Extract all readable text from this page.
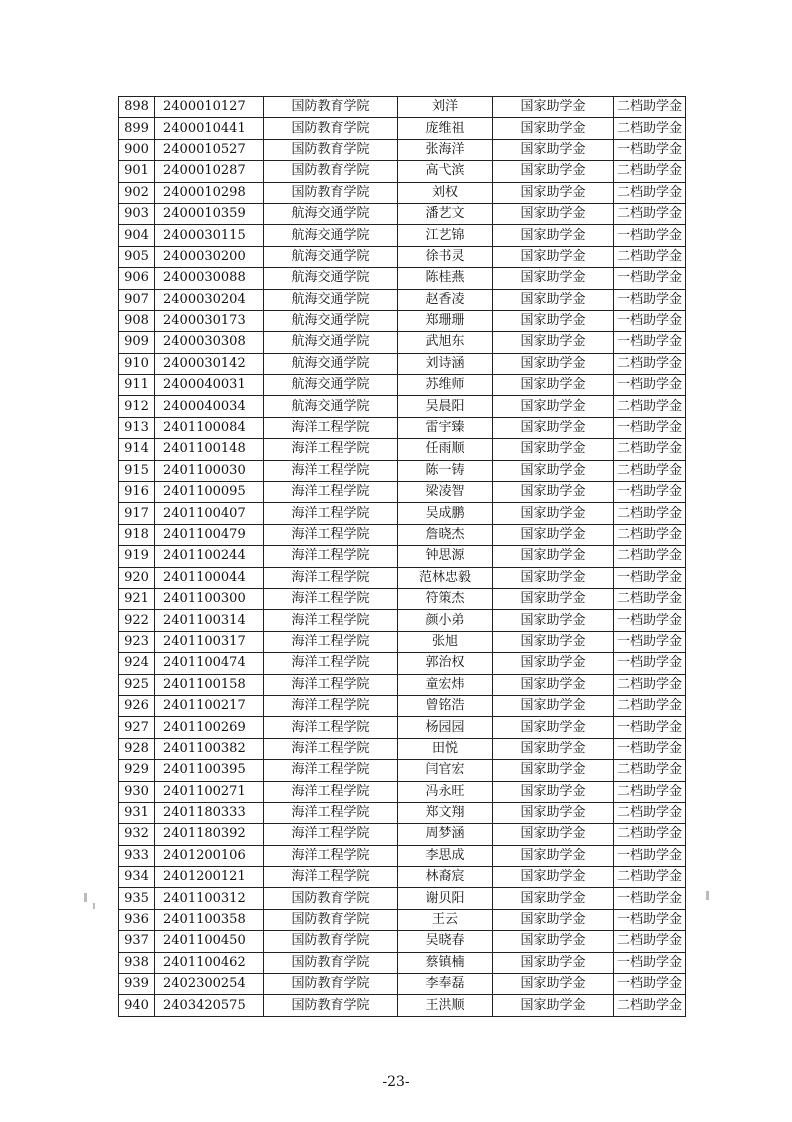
898	2400010127	国防教育学院	刘洋	国家助学金	二档助学金
899	2400010441	国防教育学院	庞维祖	国家助学金	二档助学金
900	2400010527	国防教育学院	张海洋	国家助学金	一档助学金
901	2400010287	国防教育学院	高弋滨	国家助学金	二档助学金
902	2400010298	国防教育学院	刘权	国家助学金	二档助学金
903	2400010359	航海交通学院	潘艺文	国家助学金	二档助学金
904	2400030115	航海交通学院	江艺锦	国家助学金	一档助学金
905	2400030200	航海交通学院	徐书灵	国家助学金	二档助学金
906	2400030088	航海交通学院	陈桂燕	国家助学金	一档助学金
907	2400030204	航海交通学院	赵香凌	国家助学金	一档助学金
908	2400030173	航海交通学院	郑珊珊	国家助学金	一档助学金
909	2400030308	航海交通学院	武旭东	国家助学金	一档助学金
910	2400030142	航海交通学院	刘诗涵	国家助学金	二档助学金
911	2400040031	航海交通学院	苏维师	国家助学金	一档助学金
912	2400040034	航海交通学院	吴晨阳	国家助学金	二档助学金
913	2401100084	海洋工程学院	雷宇臻	国家助学金	一档助学金
914	2401100148	海洋工程学院	任雨顺	国家助学金	二档助学金
915	2401100030	海洋工程学院	陈一铸	国家助学金	二档助学金
916	2401100095	海洋工程学院	梁凌智	国家助学金	一档助学金
917	2401100407	海洋工程学院	吴成鹏	国家助学金	二档助学金
918	2401100479	海洋工程学院	詹晓杰	国家助学金	二档助学金
919	2401100244	海洋工程学院	钟思源	国家助学金	二档助学金
920	2401100044	海洋工程学院	范林忠毅	国家助学金	一档助学金
921	2401100300	海洋工程学院	符策杰	国家助学金	二档助学金
922	2401100314	海洋工程学院	颜小弟	国家助学金	一档助学金
923	2401100317	海洋工程学院	张旭	国家助学金	一档助学金
924	2401100474	海洋工程学院	郭治权	国家助学金	一档助学金
925	2401100158	海洋工程学院	童宏炜	国家助学金	二档助学金
926	2401100217	海洋工程学院	曾铭浩	国家助学金	二档助学金
927	2401100269	海洋工程学院	杨园园	国家助学金	一档助学金
928	2401100382	海洋工程学院	田悦	国家助学金	一档助学金
929	2401100395	海洋工程学院	闫官宏	国家助学金	二档助学金
930	2401100271	海洋工程学院	冯永旺	国家助学金	二档助学金
931	2401180333	海洋工程学院	郑文翔	国家助学金	二档助学金
932	2401180392	海洋工程学院	周梦涵	国家助学金	二档助学金
933	2401200106	海洋工程学院	李思成	国家助学金	一档助学金
934	2401200121	海洋工程学院	林裔宸	国家助学金	二档助学金
935	2401100312	国防教育学院	谢贝阳	国家助学金	一档助学金
936	2401100358	国防教育学院	王云	国家助学金	一档助学金
937	2401100450	国防教育学院	吴晓春	国家助学金	二档助学金
938	2401100462	国防教育学院	蔡镇楠	国家助学金	一档助学金
939	2402300254	国防教育学院	李奉磊	国家助学金	一档助学金
940	2403420575	国防教育学院	王洪顺	国家助学金	二档助学金
-23-
